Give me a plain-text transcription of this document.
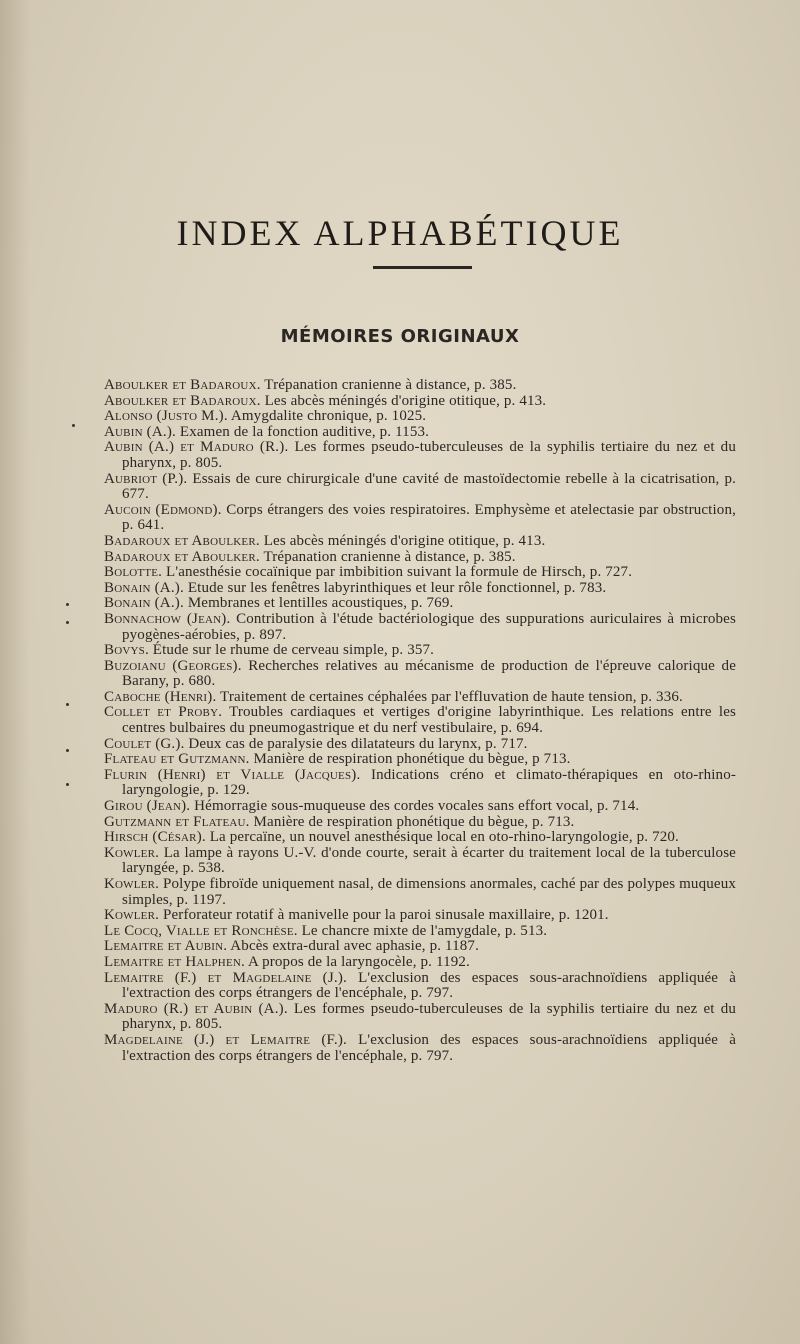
INDEX ALPHABÉTIQUE
MÉMOIRES ORIGINAUX

Aboulker et Badaroux. Trépanation cranienne à distance, p. 385.

Aboulker et Badaroux. Les abcès méningés d'origine otitique, p. 413.

Alonso (Justo M.). Amygdalite chronique, p. 1025.

Aubin (A.). Examen de la fonction auditive, p. 1153.

Aubin (A.) et Maduro (R.). Les formes pseudo-tuberculeuses de la syphilis tertiaire du nez et du pharynx, p. 805.

Aubriot (P.). Essais de cure chirurgicale d'une cavité de mastoïdectomie rebelle à la cicatrisation, p. 677.

Aucoin (Edmond). Corps étrangers des voies respiratoires. Emphysème et atelectasie par obstruction, p. 641.

Badaroux et Aboulker. Les abcès méningés d'origine otitique, p. 413.

Badaroux et Aboulker. Trépanation cranienne à distance, p. 385.

Bolotte. L'anesthésie cocaïnique par imbibition suivant la formule de Hirsch, p. 727.

Bonain (A.). Etude sur les fenêtres labyrinthiques et leur rôle fonctionnel, p. 783.

Bonain (A.). Membranes et lentilles acoustiques, p. 769.

Bonnachow (Jean). Contribution à l'étude bactériologique des suppurations auriculaires à microbes pyogènes-aérobies, p. 897.

Bovys. Étude sur le rhume de cerveau simple, p. 357.

Buzoianu (Georges). Recherches relatives au mécanisme de production de l'épreuve calorique de Barany, p. 680.

Caboche (Henri). Traitement de certaines céphalées par l'effluvation de haute tension, p. 336.

Collet et Proby. Troubles cardiaques et vertiges d'origine labyrinthique. Les relations entre les centres bulbaires du pneumogastrique et du nerf vestibulaire, p. 694.

Coulet (G.). Deux cas de paralysie des dilatateurs du larynx, p. 717.

Flateau et Gutzmann. Manière de respiration phonétique du bègue, p 713.

Flurin (Henri) et Vialle (Jacques). Indications créno et climato-thérapiques en oto-rhino-laryngologie, p. 129.

Girou (Jean). Hémorragie sous-muqueuse des cordes vocales sans effort vocal, p. 714.

Gutzmann et Flateau. Manière de respiration phonétique du bègue, p. 713.

Hirsch (César). La percaïne, un nouvel anesthésique local en oto-rhino-laryngologie, p. 720.

Kowler. La lampe à rayons U.-V. d'onde courte, serait à écarter du traitement local de la tuberculose laryngée, p. 538.

Kowler. Polype fibroïde uniquement nasal, de dimensions anormales, caché par des polypes muqueux simples, p. 1197.

Kowler. Perforateur rotatif à manivelle pour la paroi sinusale maxillaire, p. 1201.

Le Cocq, Vialle et Ronchèse. Le chancre mixte de l'amygdale, p. 513.

Lemaitre et Aubin. Abcès extra-dural avec aphasie, p. 1187.

Lemaitre et Halphen. A propos de la laryngocèle, p. 1192.

Lemaitre (F.) et Magdelaine (J.). L'exclusion des espaces sous-arachnoïdiens appliquée à l'extraction des corps étrangers de l'encéphale, p. 797.

Maduro (R.) et Aubin (A.). Les formes pseudo-tuberculeuses de la syphilis tertiaire du nez et du pharynx, p. 805.

Magdelaine (J.) et Lemaitre (F.). L'exclusion des espaces sous-arachnoïdiens appliquée à l'extraction des corps étrangers de l'encéphale, p. 797.
